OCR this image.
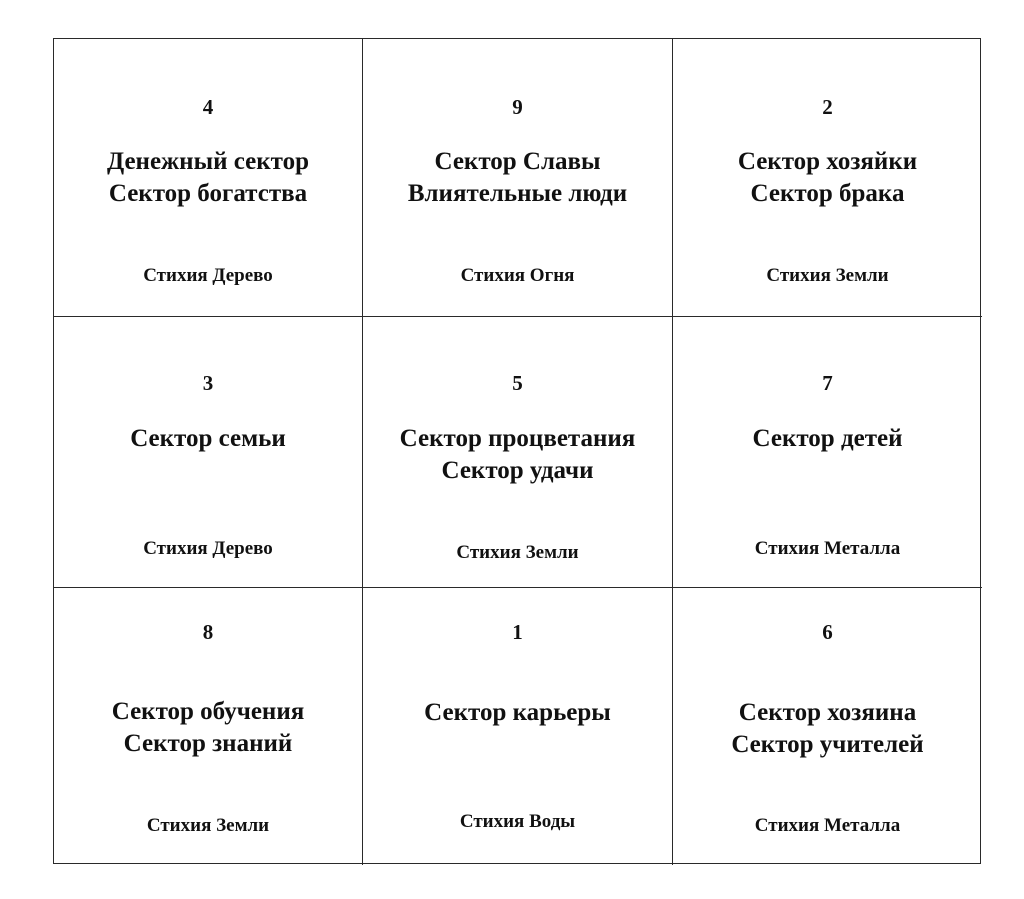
4
Денежный сектор
Сектор богатства
Стихия Дерево
9
Сектор Славы
Влиятельные люди
Стихия Огня
2
Сектор хозяйки
Сектор брака
Стихия Земли
3
Сектор семьи
Стихия Дерево
5
Сектор процветания
Сектор удачи
Стихия Земли
7
Сектор детей
Стихия Металла
8
Сектор обучения
Сектор знаний
Стихия Земли
1
Сектор карьеры
Стихия Воды
6
Сектор хозяина
Сектор учителей
Стихия Металла
